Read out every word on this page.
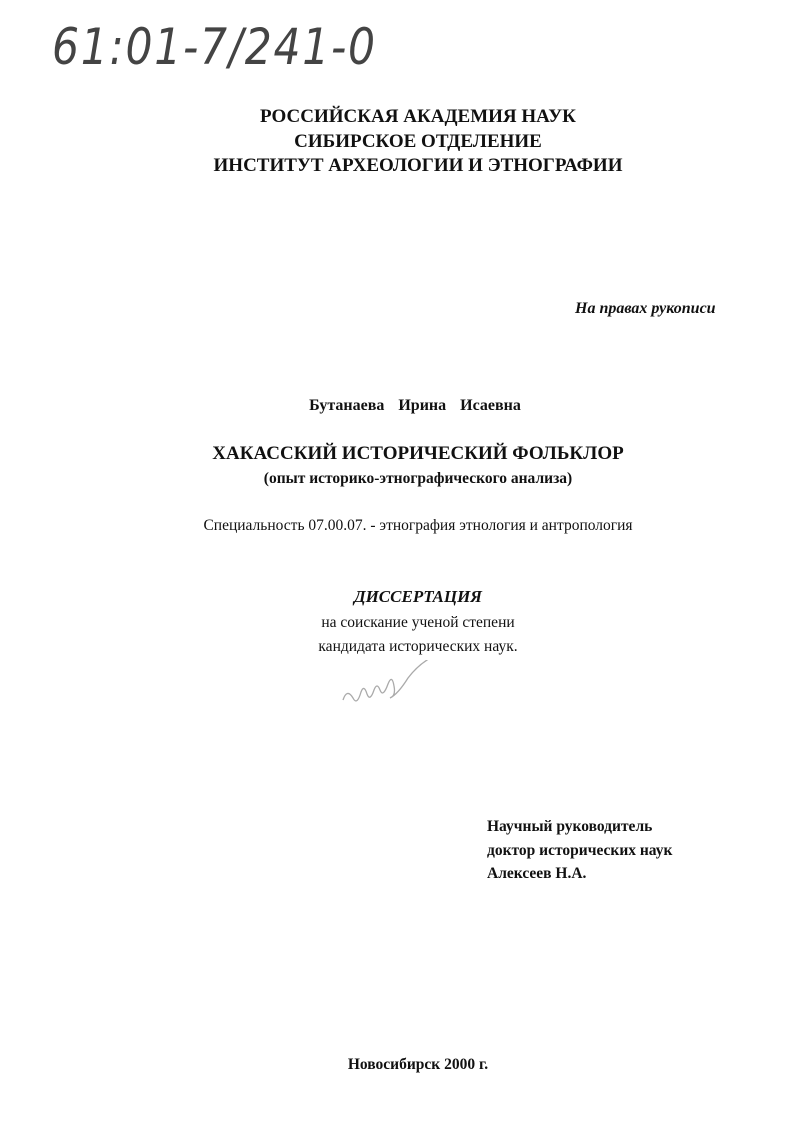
61:01-7/241-0
РОССИЙСКАЯ АКАДЕМИЯ НАУК
СИБИРСКОЕ ОТДЕЛЕНИЕ
ИНСТИТУТ АРХЕОЛОГИИ И ЭТНОГРАФИИ
На правах рукописи
Бутанаева Ирина Исаевна
ХАКАССКИЙ ИСТОРИЧЕСКИЙ ФОЛЬКЛОР
(опыт историко-этнографического анализа)
Специальность 07.00.07. - этнография этнология и антропология
ДИССЕРТАЦИЯ
на соискание ученой степени
кандидата исторических наук.
Научный руководитель
доктор исторических наук
Алексеев Н.А.
Новосибирск 2000 г.
